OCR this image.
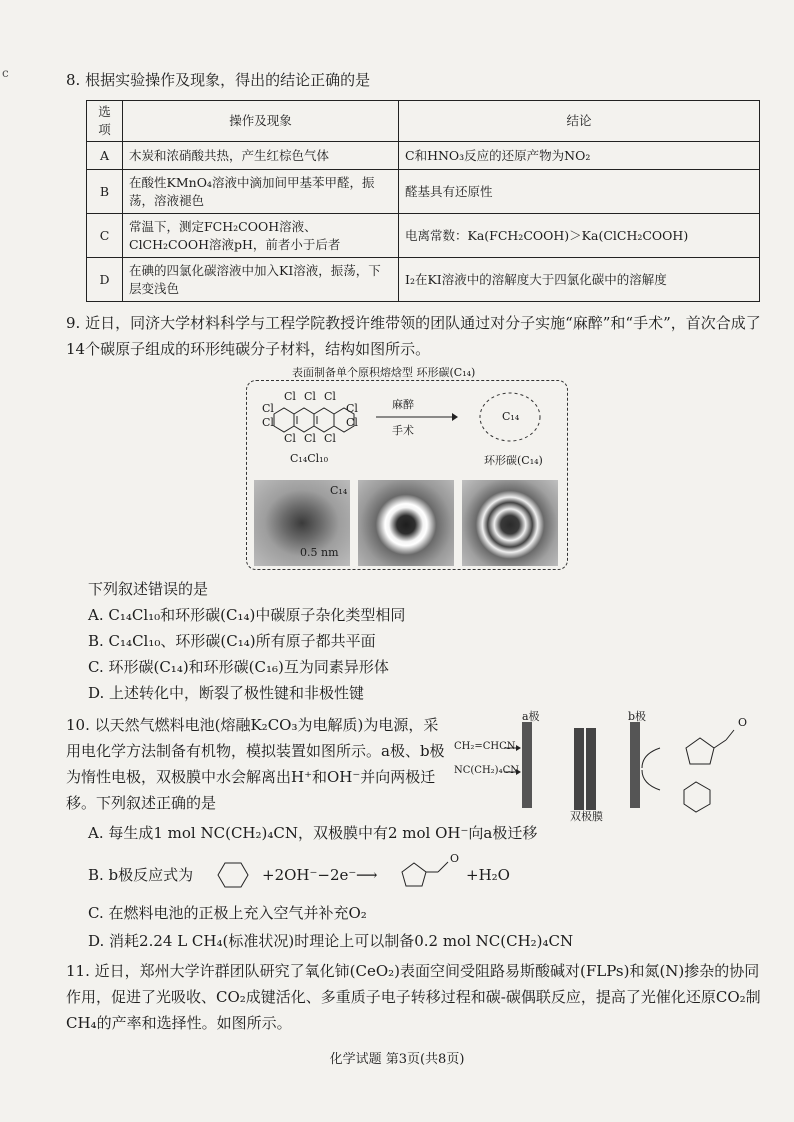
c	8. 根据实验操作及现象，得出的结论正确的是
选项	操作及现象	结论
A	木炭和浓硝酸共热，产生红棕色气体	C和HNO₃反应的还原产物为NO₂
B	在酸性KMnO₄溶液中滴加间甲基苯甲醛，振荡，溶液褪色	醛基具有还原性
C	常温下，测定FCH₂COOH溶液、ClCH₂COOH溶液pH，前者小于后者	电离常数：Ka(FCH₂COOH)＞Ka(ClCH₂COOH)
D	在碘的四氯化碳溶液中加入KI溶液，振荡，下层变浅色	I₂在KI溶液中的溶解度大于四氯化碳中的溶解度
9. 近日，同济大学材料科学与工程学院教授许维带领的团队通过对分子实施“麻醉”和“手术”，首次合成了14个碳原子组成的环形纯碳分子材料，结构如图所示。
表面制备单个原积熔焓型 环形碳(C₁₄)
Cl
Cl
Cl Cl Cl
Cl
Cl
Cl Cl Cl
C₁₄Cl₁₀
麻醉
手术
C₁₄
环形碳(C₁₄)
C₁₄
0.5 nm
下列叙述错误的是
A. C₁₄Cl₁₀和环形碳(C₁₄)中碳原子杂化类型相同
B. C₁₄Cl₁₀、环形碳(C₁₄)所有原子都共平面
C. 环形碳(C₁₄)和环形碳(C₁₆)互为同素异形体
D. 上述转化中，断裂了极性键和非极性键
10. 以天然气燃料电池(熔融K₂CO₃为电解质)为电源，采用电化学方法制备有机物，模拟装置如图所示。a极、b极为惰性电极，双极膜中水会解离出H⁺和OH⁻并向两极迁移。下列叙述正确的是
a极	b极
双极膜
CH₂=CHCN
NC(CH₂)₄CN
O
A. 每生成1 mol NC(CH₂)₄CN，双极膜中有2 mol OH⁻向a极迁移
B. b极反应式为	+2OH⁻−2e⁻ ⟶
O
+H₂O
C. 在燃料电池的正极上充入空气并补充O₂
D. 消耗2.24 L CH₄(标准状况)时理论上可以制备0.2 mol NC(CH₂)₄CN
11. 近日，郑州大学许群团队研究了氧化铈(CeO₂)表面空间受阻路易斯酸碱对(FLPs)和氮(N)掺杂的协同作用，促进了光吸收、CO₂成键活化、多重质子电子转移过程和碳-碳偶联反应，提高了光催化还原CO₂制CH₄的产率和选择性。如图所示。
化学试题 第3页(共8页)
